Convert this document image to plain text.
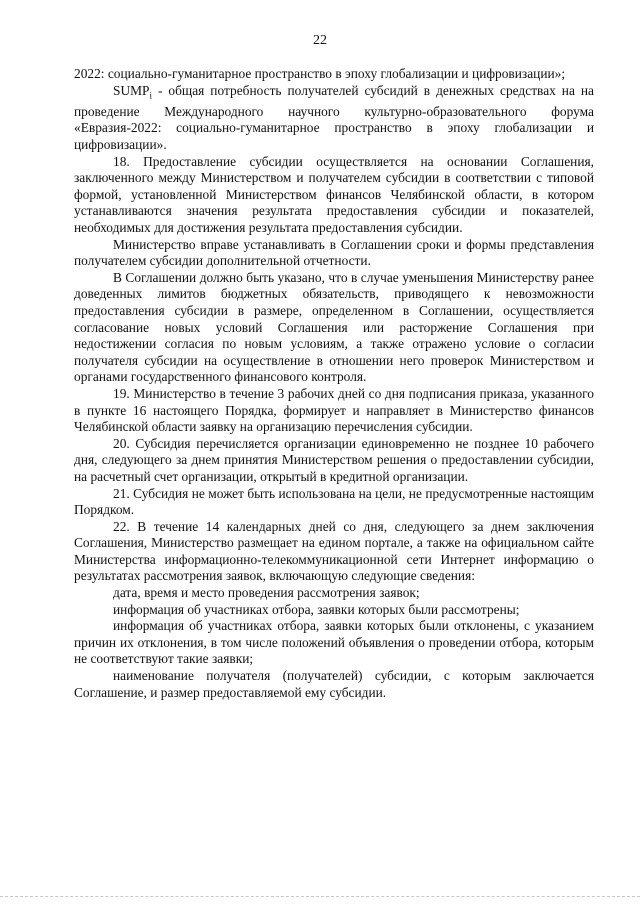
22

2022: социально-гуманитарное пространство в эпоху глобализации и цифровизации»;

$SUMP_i$ - общая потребность получателей субсидий в денежных средствах на на проведение Международного научного культурно-образовательного форума «Евразия-2022: социально-гуманитарное пространство в эпоху глобализации и цифровизации».

18. Предоставление субсидии осуществляется на основании Соглашения, заключенного между Министерством и получателем субсидии в соответствии с типовой формой, установленной Министерством финансов Челябинской области, в котором устанавливаются значения результата предоставления субсидии и показателей, необходимых для достижения результата предоставления субсидии.

Министерство вправе устанавливать в Соглашении сроки и формы представления получателем субсидии дополнительной отчетности.

В Соглашении должно быть указано, что в случае уменьшения Министерству ранее доведенных лимитов бюджетных обязательств, приводящего к невозможности предоставления субсидии в размере, определенном в Соглашении, осуществляется согласование новых условий Соглашения или расторжение Соглашения при недостижении согласия по новым условиям, а также отражено условие о согласии получателя субсидии на осуществление в отношении него проверок Министерством и органами государственного финансового контроля.

19. Министерство в течение 3 рабочих дней со дня подписания приказа, указанного в пункте 16 настоящего Порядка, формирует и направляет в Министерство финансов Челябинской области заявку на организацию перечисления субсидии.

20. Субсидия перечисляется организации единовременно не позднее 10 рабочего дня, следующего за днем принятия Министерством решения о предоставлении субсидии, на расчетный счет организации, открытый в кредитной организации.

21. Субсидия не может быть использована на цели, не предусмотренные настоящим Порядком.

22. В течение 14 календарных дней со дня, следующего за днем заключения Соглашения, Министерство размещает на едином портале, а также на официальном сайте Министерства информационно-телекоммуникационной сети Интернет информацию о результатах рассмотрения заявок, включающую следующие сведения:

дата, время и место проведения рассмотрения заявок;

информация об участниках отбора, заявки которых были рассмотрены;

информация об участниках отбора, заявки которых были отклонены, с указанием причин их отклонения, в том числе положений объявления о проведении отбора, которым не соответствуют такие заявки;

наименование получателя (получателей) субсидии, с которым заключается Соглашение, и размер предоставляемой ему субсидии.
